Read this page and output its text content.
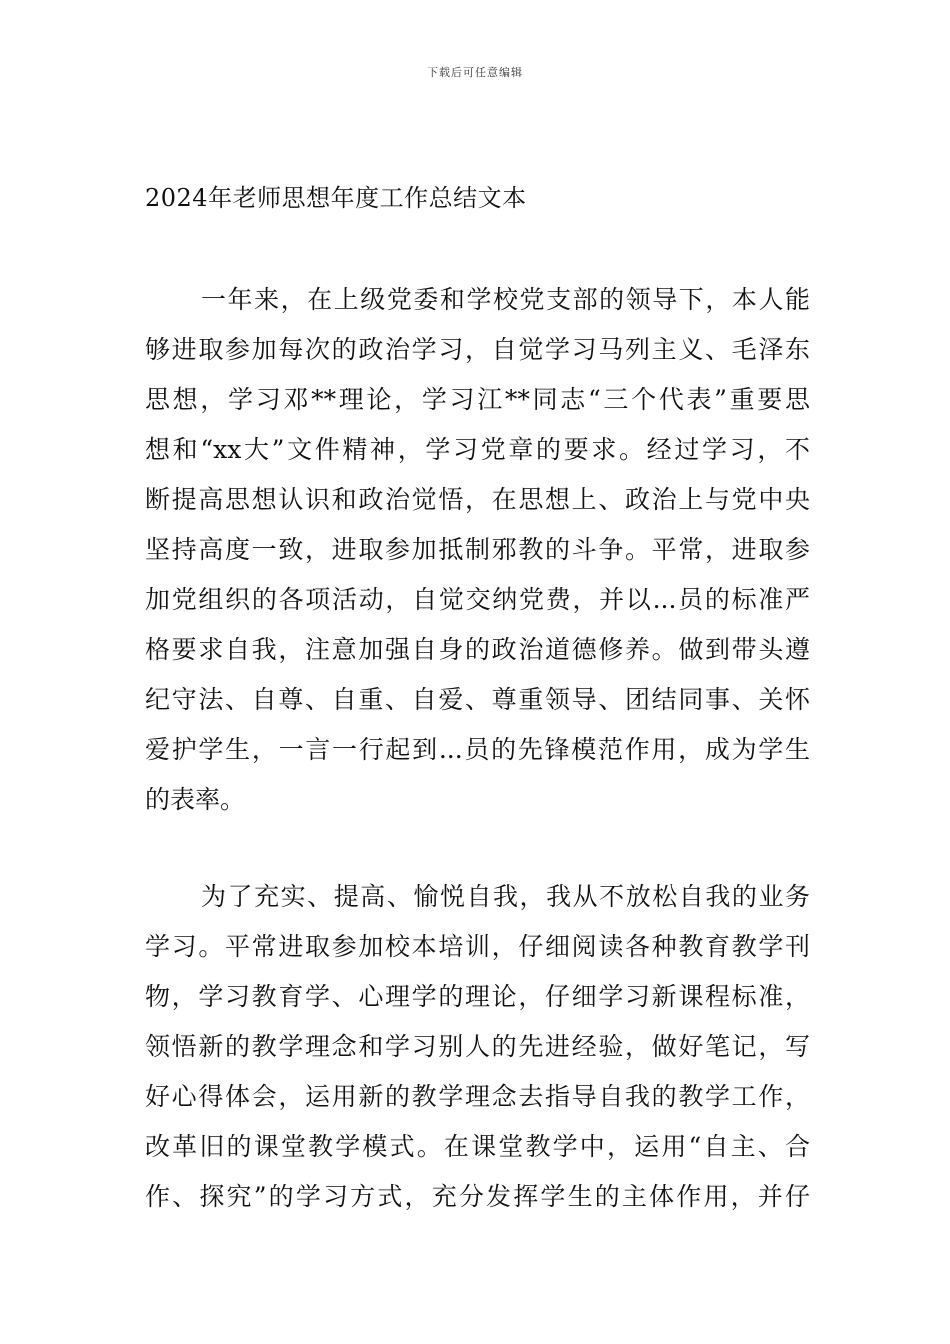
下载后可任意编辑
2024年老师思想年度工作总结文本
一年来，在上级党委和学校党支部的领导下，本人能
够进取参加每次的政治学习，自觉学习马列主义、毛泽东
思想，学习邓**理论，学习江**同志“三个代表”重要思
想和“xx大”文件精神，学习党章的要求。经过学习，不
断提高思想认识和政治觉悟，在思想上、政治上与党中央
坚持高度一致，进取参加抵制邪教的斗争。平常，进取参
加党组织的各项活动，自觉交纳党费，并以...员的标准严
格要求自我，注意加强自身的政治道德修养。做到带头遵
纪守法、自尊、自重、自爱、尊重领导、团结同事、关怀
爱护学生，一言一行起到...员的先锋模范作用，成为学生
的表率。
为了充实、提高、愉悦自我，我从不放松自我的业务
学习。平常进取参加校本培训，仔细阅读各种教育教学刊
物，学习教育学、心理学的理论，仔细学习新课程标准，
领悟新的教学理念和学习别人的先进经验，做好笔记，写
好心得体会，运用新的教学理念去指导自我的教学工作，
改革旧的课堂教学模式。在课堂教学中，运用“自主、合
作、探究”的学习方式，充分发挥学生的主体作用，并仔
